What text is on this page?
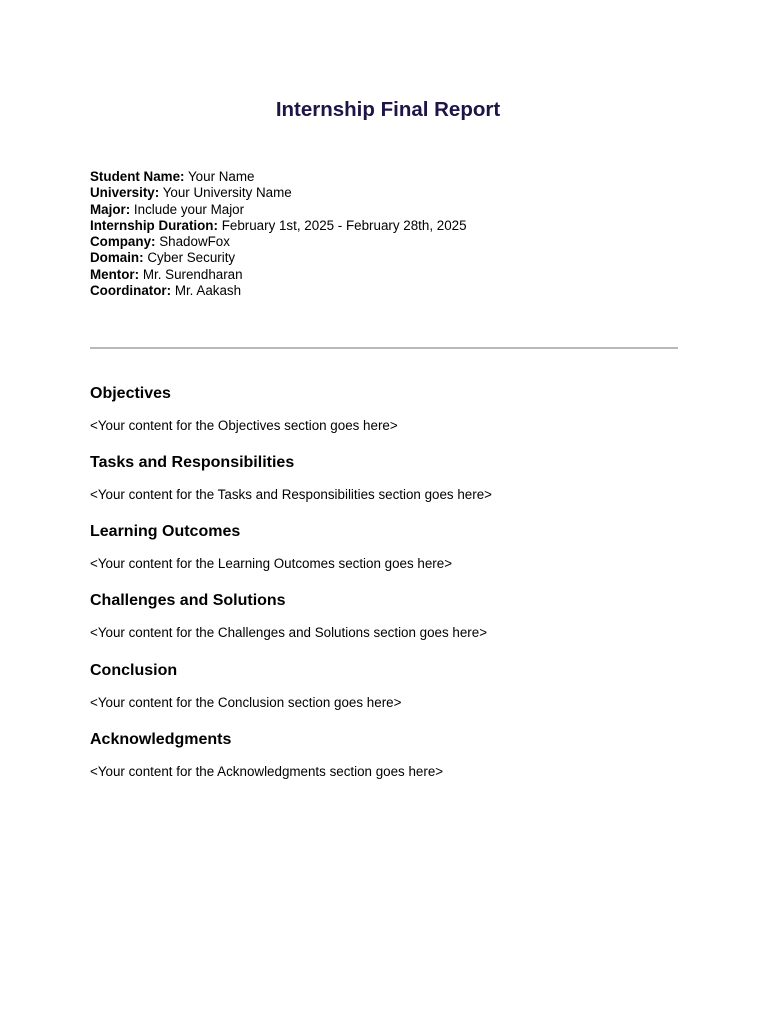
Internship Final Report
Student Name: Your Name
University: Your University Name
Major: Include your Major
Internship Duration: February 1st, 2025 - February 28th, 2025
Company: ShadowFox
Domain: Cyber Security
Mentor: Mr. Surendharan
Coordinator: Mr. Aakash
Objectives

<Your content for the Objectives section goes here>

Tasks and Responsibilities

<Your content for the Tasks and Responsibilities section goes here>

Learning Outcomes

<Your content for the Learning Outcomes section goes here>

Challenges and Solutions

<Your content for the Challenges and Solutions section goes here>

Conclusion

<Your content for the Conclusion section goes here>

Acknowledgments

<Your content for the Acknowledgments section goes here>
